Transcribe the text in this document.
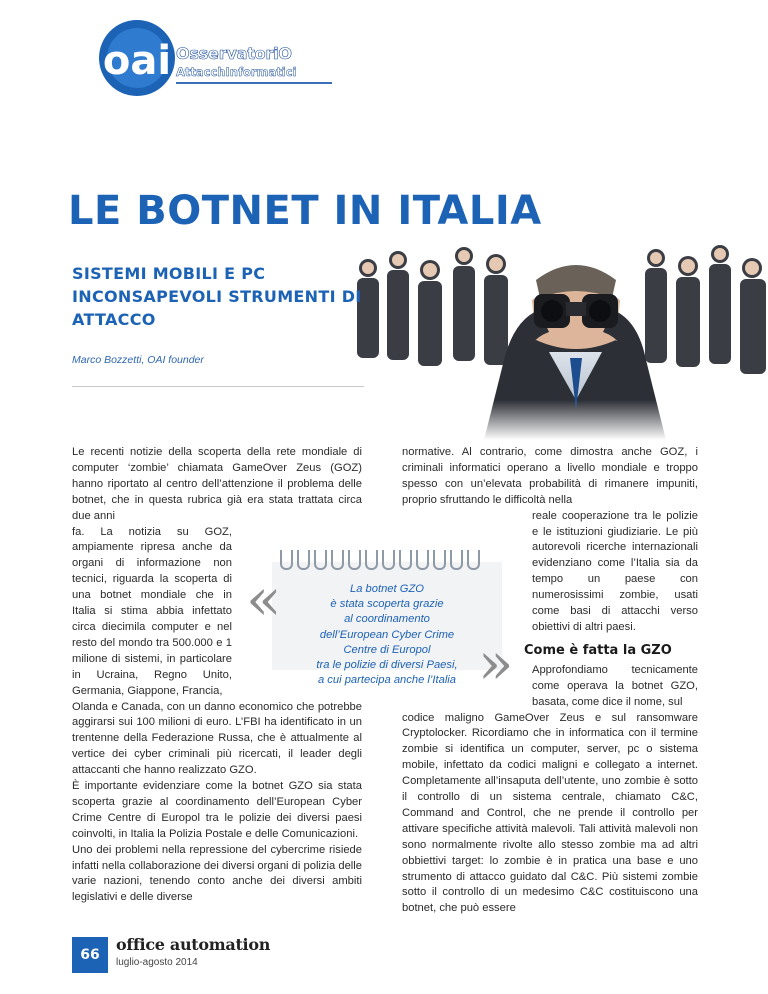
oai OsservatoriO
AttacchInformatici
LE BOTNET IN ITALIA
SISTEMI MOBILI E PC INCONSAPEVOLI STRUMENTI DI ATTACCO
Marco Bozzetti, OAI founder

Le recenti notizie della scoperta della rete mondiale di computer ‘zombie’ chiamata GameOver Zeus (GOZ) hanno riportato al centro dell’attenzione il problema delle botnet, che in questa rubrica già era stata trattata circa due anni

fa. La notizia su GOZ, ampiamente ripresa anche da organi di informazione non tecnici, riguarda la scoperta di una botnet mondiale che in Italia si stima abbia infettato circa diecimila computer e nel resto del mondo tra 500.000 e 1 milione di sistemi, in particolare in Ucraina, Regno Unito, Germania, Giappone, Francia,

Olanda e Canada, con un danno economico che potrebbe aggirarsi sui 100 milioni di euro. L’FBI ha identificato in un trentenne della Federazione Russa, che è attualmente al vertice dei cyber criminali più ricercati, il leader degli attaccanti che hanno realizzato GZO.

È importante evidenziare come la botnet GZO sia stata scoperta grazie al coordinamento dell’European Cyber Crime Centre di Europol tra le polizie dei diversi paesi coinvolti, in Italia la Polizia Postale e delle Comunicazioni.

Uno dei problemi nella repressione del cybercrime risiede infatti nella collaborazione dei diversi organi di polizia delle varie nazioni, tenendo conto anche dei diversi ambiti legislativi e delle diverse

normative. Al contrario, come dimostra anche GOZ, i criminali informatici operano a livello mondiale e troppo spesso con un’elevata probabilità di rimanere impuniti, proprio sfruttando le difficoltà nella

reale cooperazione tra le polizie e le istituzioni giudiziarie. Le più autorevoli ricerche internazionali evidenziano come l’Italia sia da tempo un paese con numerosissimi zombie, usati come basi di attacchi verso obiettivi di altri paesi.

Come è fatta la GZO

Approfondiamo tecnicamente come operava la botnet GZO, basata, come dice il nome, sul

codice maligno GameOver Zeus e sul ransomware Cryptolocker. Ricordiamo che in informatica con il termine zombie si identifica un computer, server, pc o sistema mobile, infettato da codici maligni e collegato a internet. Completamente all’insaputa dell’utente, uno zombie è sotto il controllo di un sistema centrale, chiamato C&C, Command and Control, che ne prende il controllo per attivare specifiche attività malevoli. Tali attività malevoli non sono normalmente rivolte allo stesso zombie ma ad altri obbiettivi target: lo zombie è in pratica una base e uno strumento di attacco guidato dal C&C. Più sistemi zombie sotto il controllo di un medesimo C&C costituiscono una botnet, che può essere

«	La botnet GZO
è stata scoperta grazie
al coordinamento
dell’European Cyber Crime
Centre di Europol
tra le polizie di diversi Paesi,
a cui partecipa anche l’Italia »
66
office automation
luglio-agosto 2014
